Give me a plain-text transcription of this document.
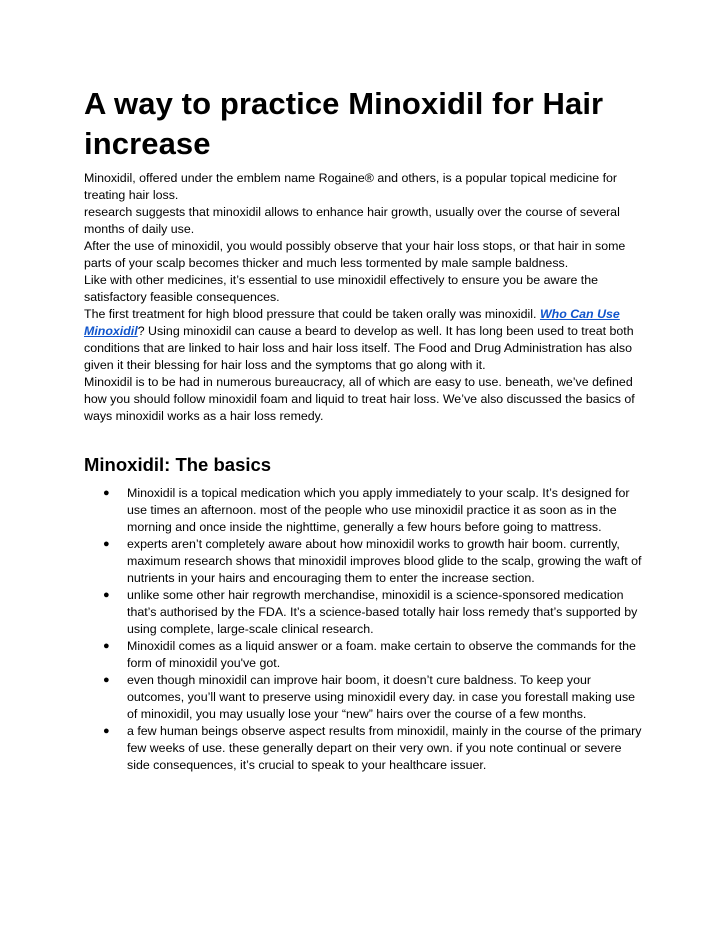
A way to practice Minoxidil for Hair increase

Minoxidil, offered under the emblem name Rogaine® and others, is a popular topical medicine for treating hair loss.

research suggests that minoxidil allows to enhance hair growth, usually over the course of several months of daily use.

After the use of minoxidil, you would possibly observe that your hair loss stops, or that hair in some parts of your scalp becomes thicker and much less tormented by male sample baldness.

Like with other medicines, it’s essential to use minoxidil effectively to ensure you be aware the satisfactory feasible consequences.

The first treatment for high blood pressure that could be taken orally was minoxidil. Who Can Use Minoxidil? Using minoxidil can cause a beard to develop as well. It has long been used to treat both conditions that are linked to hair loss and hair loss itself. The Food and Drug Administration has also given it their blessing for hair loss and the symptoms that go along with it.

Minoxidil is to be had in numerous bureaucracy, all of which are easy to use. beneath, we’ve defined how you should follow minoxidil foam and liquid to treat hair loss. We’ve also discussed the basics of ways minoxidil works as a hair loss remedy.

Minoxidil: The basics
● Minoxidil is a topical medication which you apply immediately to your scalp. It’s designed for use times an afternoon. most of the people who use minoxidil practice it as soon as in the morning and once inside the nighttime, generally a few hours before going to mattress.
● experts aren’t completely aware about how minoxidil works to growth hair boom. currently, maximum research shows that minoxidil improves blood glide to the scalp, growing the waft of nutrients in your hairs and encouraging them to enter the increase section.
● unlike some other hair regrowth merchandise, minoxidil is a science-sponsored medication that’s authorised by the FDA. It’s a science-based totally hair loss remedy that’s supported by using complete, large-scale clinical research.
● Minoxidil comes as a liquid answer or a foam. make certain to observe the commands for the form of minoxidil you've got.
● even though minoxidil can improve hair boom, it doesn’t cure baldness. To keep your outcomes, you’ll want to preserve using minoxidil every day. in case you forestall making use of minoxidil, you may usually lose your “new” hairs over the course of a few months.
● a few human beings observe aspect results from minoxidil, mainly in the course of the primary few weeks of use. these generally depart on their very own. if you note continual or severe side consequences, it’s crucial to speak to your healthcare issuer.
